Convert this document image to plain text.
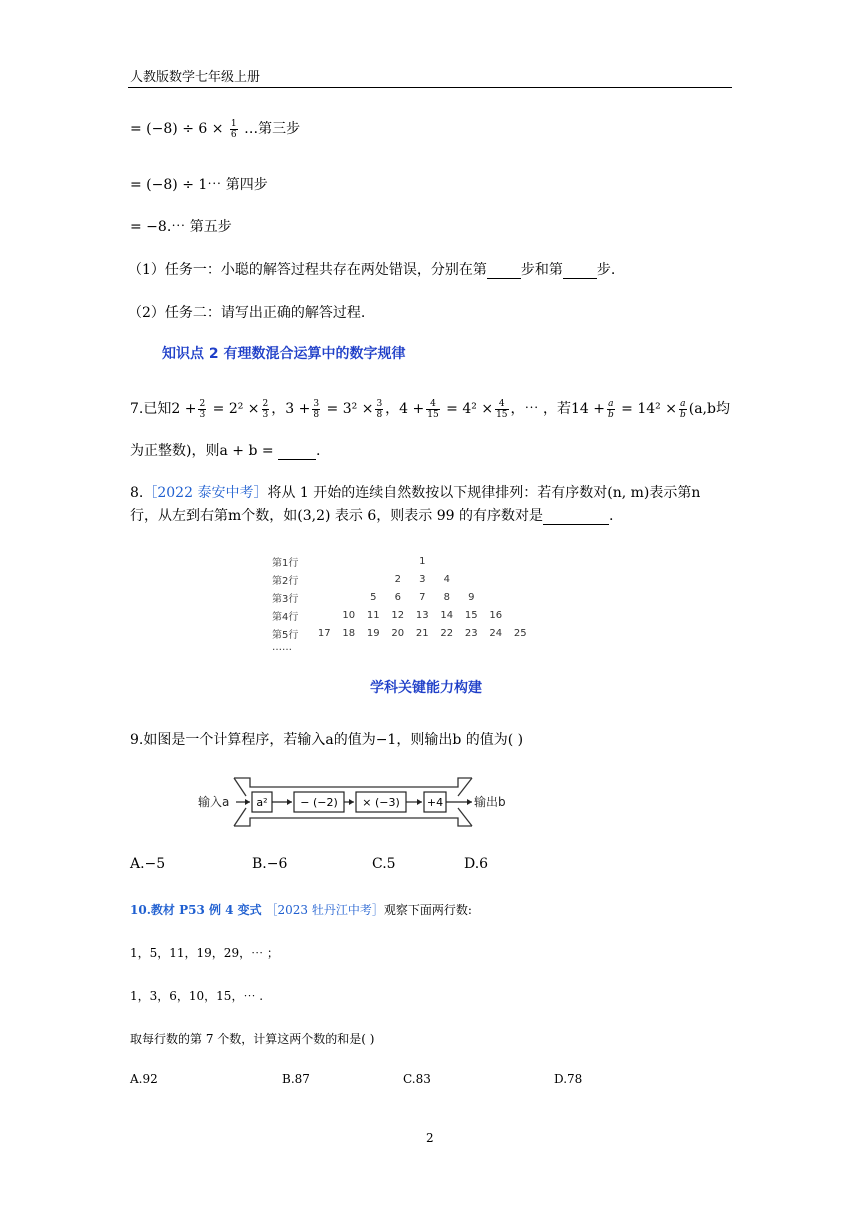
人教版数学七年级上册
= $(-8) \div 6 \times \frac{1}{6}$ …第三步
= (−8) ÷ 1⋯ 第四步
= −8.⋯ 第五步
（1）任务一：小聪的解答过程共存在两处错误，分别在第 步和第 步.
（2）任务二：请写出正确的解答过程.
知识点 2 有理数混合运算中的数字规律
7.已知$2 + \frac{2}{3} = 2^2 \times \frac{2}{3}$ ，$3 + \frac{3}{8} = 3^2 \times \frac{3}{8}$ ，$4 + \frac{4}{15} = 4^2 \times \frac{4}{15}$ ，⋯ ，若$14 + \frac{a}{b} = 14^2 \times \frac{a}{b} (a,b$均
为正整数)，则a + b =	.
8.［2022 泰安中考］将从 1 开始的连续自然数按以下规律排列：若有序数对(n, m)表示第n
行，从左到右第m个数，如(3,2) 表示 6，则表示 99 的有序数对是	.
第1行					1				
第2行				2	3	4			
第3行			5	6	7	8	9		
第4行		10	11	12	13	14	15	16	
第5行	17	18	19	20	21	22	23	24	25
……
学科关键能力构建
9.如图是一个计算程序，若输入a的值为−1，则输出b 的值为( )
输入a a²	− (−2) × (−3) +4	输出b
A.−5	B.−6	C.5	D.6
10.教材 P53 例 4 变式 ［2023 牡丹江中考］观察下面两行数:
1，5，11，19，29，⋯ ；
1，3，6，10，15，⋯ .
取每行数的第 7 个数，计算这两个数的和是( )
A.92	B.87	C.83	D.78
2
